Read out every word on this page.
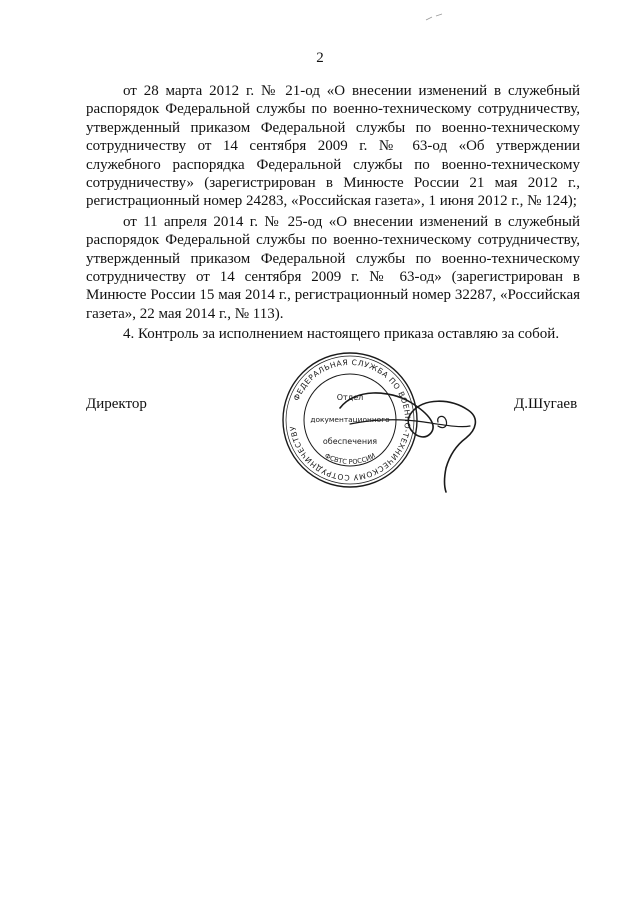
2

от 28 марта 2012 г. № 21-од «О внесении изменений в служебный распорядок Федеральной службы по военно-техническому сотрудничеству, утвержденный приказом Федеральной службы по военно-техническому сотрудничеству от 14 сентября 2009 г. № 63-од «Об утверждении служебного распорядка Федеральной службы по военно-техническому сотрудничеству» (зарегистрирован в Минюсте России 21 мая 2012 г., регистрационный номер 24283, «Российская газета», 1 июня 2012 г., № 124);

от 11 апреля 2014 г. № 25-од «О внесении изменений в служебный распорядок Федеральной службы по военно-техническому сотрудничеству, утвержденный приказом Федеральной службы по военно-техническому сотрудничеству от 14 сентября 2009 г. № 63-од» (зарегистрирован в Минюсте России 15 мая 2014 г., регистрационный номер 32287, «Российская газета», 22 мая 2014 г., № 113).

4. Контроль за исполнением настоящего приказа оставляю за собой.

Директор	Д.Шугаев
ФЕДЕРАЛЬНАЯ СЛУЖБА ПО ВОЕННО-ТЕХНИЧЕСКОМУ СОТРУДНИЧЕСТВУ
ФСВТС РОССИИ
Отдел
документационного
обеспечения
